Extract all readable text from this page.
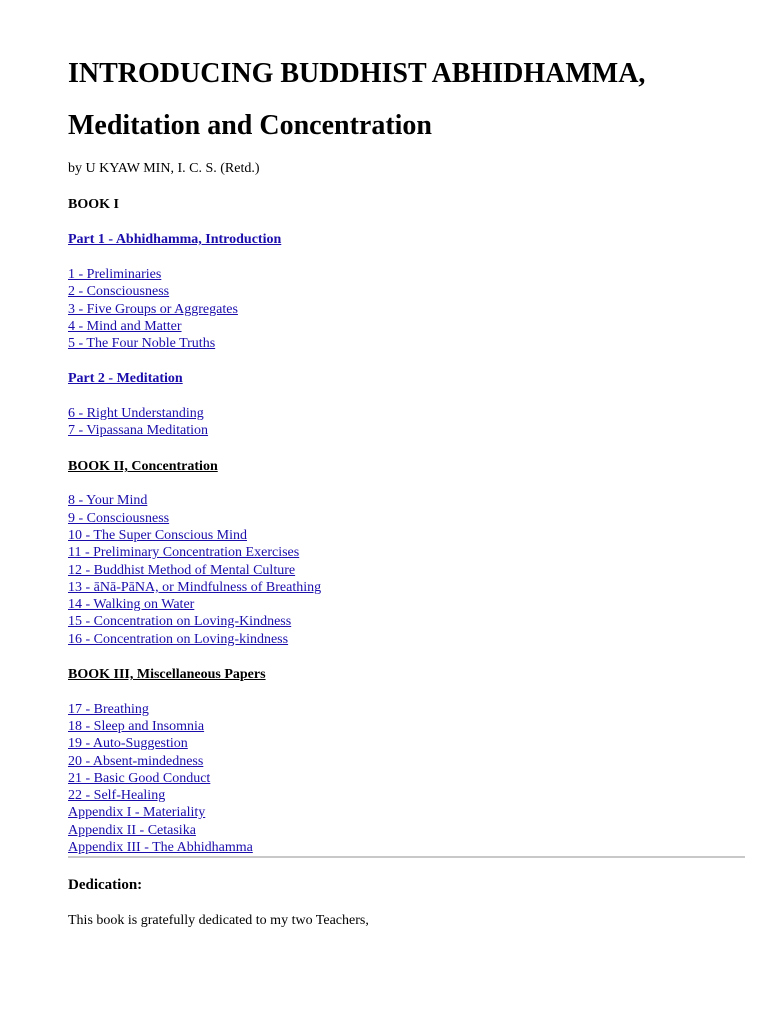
INTRODUCING BUDDHIST ABHIDHAMMA,
Meditation and Concentration
by U KYAW MIN, I. C. S. (Retd.)
BOOK I
Part 1 - Abhidhamma, Introduction
1 - Preliminaries
2 - Consciousness
3 - Five Groups or Aggregates
4 - Mind and Matter
5 - The Four Noble Truths
Part 2 - Meditation
6 - Right Understanding
7 - Vipassana Meditation
BOOK II, Concentration
8 - Your Mind
9 - Consciousness
10 - The Super Conscious Mind
11 - Preliminary Concentration Exercises
12 - Buddhist Method of Mental Culture
13 - āNā-PāNA, or Mindfulness of Breathing
14 - Walking on Water
15 - Concentration on Loving-Kindness
16 - Concentration on Loving-kindness
BOOK III, Miscellaneous Papers
17 - Breathing
18 - Sleep and Insomnia
19 - Auto-Suggestion
20 - Absent-mindedness
21 - Basic Good Conduct
22 - Self-Healing
Appendix I - Materiality
Appendix II - Cetasika
Appendix III - The Abhidhamma
Dedication:
This book is gratefully dedicated to my two Teachers,
